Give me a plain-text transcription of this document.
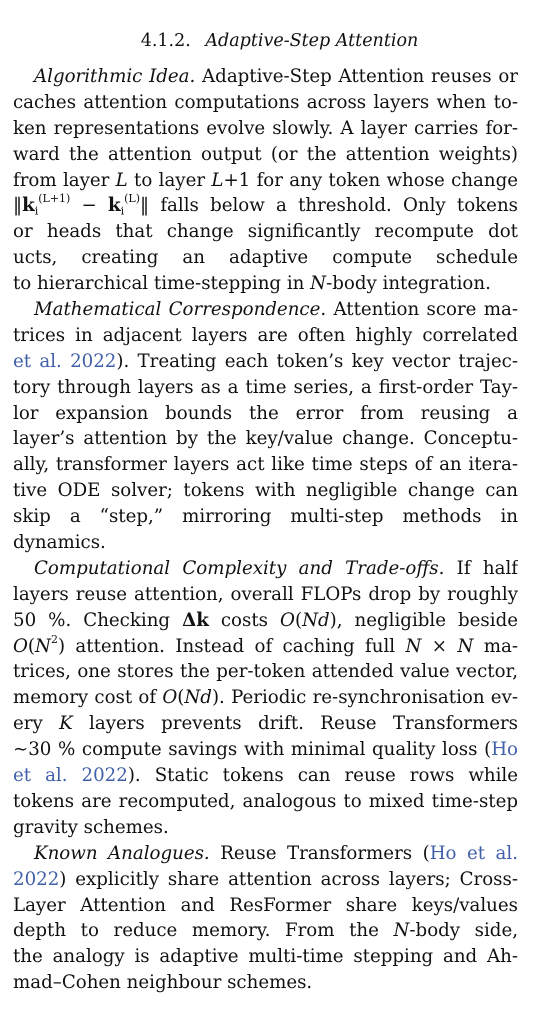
4.1.2. Adaptive-Step Attention
Algorithmic Idea. Adaptive-Step Attention reuses or
caches attention computations across layers when to-
ken representations evolve slowly. A layer carries for-
ward the attention output (or the attention weights)
from layer L to layer L+1 for any token whose change
$‖k_i^{(L+1)}$ − $k_i^{(L)}‖$ falls below a threshold. Only tokens
or heads that change significantly recompute dot
ucts, creating an adaptive compute schedule
to hierarchical time-stepping in N-body integration.
Mathematical Correspondence. Attention score ma-
trices in adjacent layers are often highly correlated
et al. 2022). Treating each token’s key vector trajec-
tory through layers as a time series, a first-order Tay-
lor expansion bounds the error from reusing a
layer’s attention by the key/value change. Conceptu-
ally, transformer layers act like time steps of an itera-
tive ODE solver; tokens with negligible change can
skip a “step,” mirroring multi-step methods in
dynamics.
Computational Complexity and Trade-offs. If half
layers reuse attention, overall FLOPs drop by roughly
50 %. Checking Δk costs O(Nd), negligible beside
$O(N^2)$ attention. Instead of caching full N × N ma-
trices, one stores the per-token attended value vector,
memory cost of O(Nd). Periodic re-synchronisation ev-
ery K layers prevents drift. Reuse Transformers
∼30 % compute savings with minimal quality loss (Ho
et al. 2022). Static tokens can reuse rows while
tokens are recomputed, analogous to mixed time-step
gravity schemes.
Known Analogues. Reuse Transformers (Ho et al.
2022) explicitly share attention across layers; Cross-
Layer Attention and ResFormer share keys/values
depth to reduce memory. From the N-body side,
the analogy is adaptive multi-time stepping and Ah-
mad–Cohen neighbour schemes.
